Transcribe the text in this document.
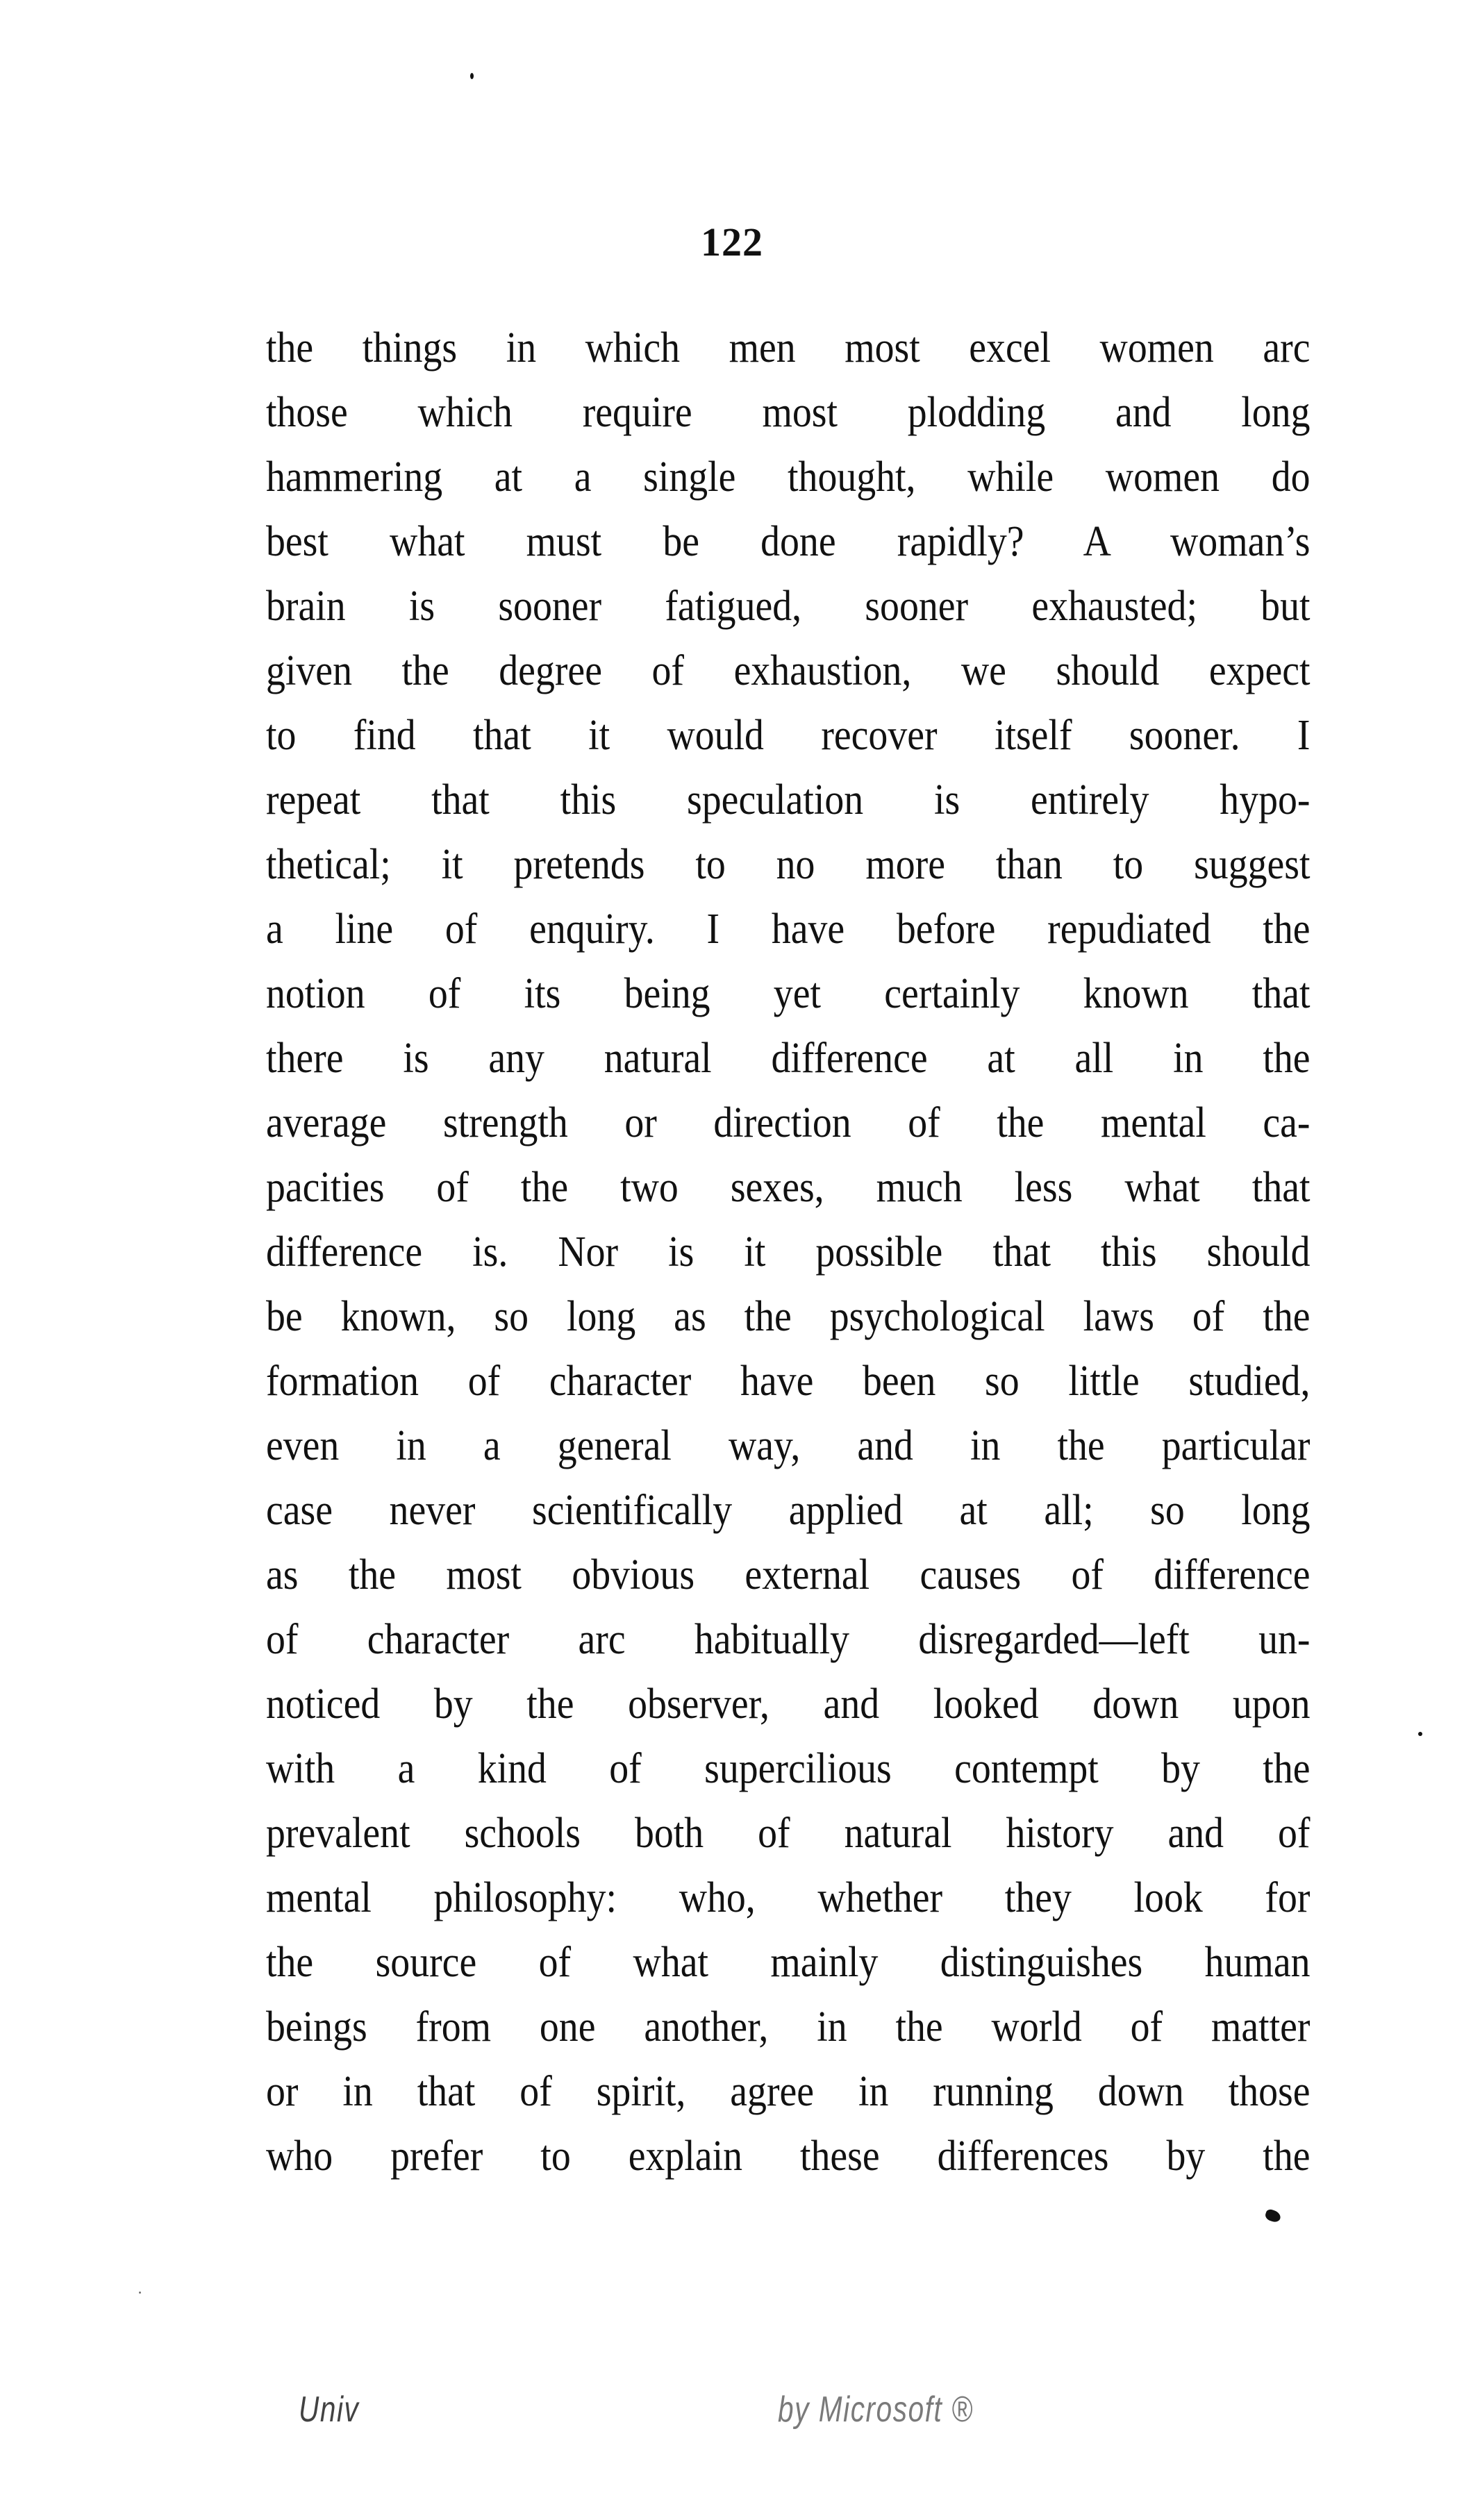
122
the things in which men most excel women arc
those which require most plodding and long
hammering at a single thought, while women do
best what must be done rapidly? A woman’s
brain is sooner fatigued, sooner exhausted; but
given the degree of exhaustion, we should expect
to find that it would recover itself sooner. I
repeat that this speculation is entirely hypo-
thetical; it pretends to no more than to suggest
a line of enquiry. I have before repudiated the
notion of its being yet certainly known that
there is any natural difference at all in the
average strength or direction of the mental ca-
pacities of the two sexes, much less what that
difference is. Nor is it possible that this should
be known, so long as the psychological laws of the
formation of character have been so little studied,
even in a general way, and in the particular
case never scientifically applied at all; so long
as the most obvious external causes of difference
of character arc habitually disregarded—left un-
noticed by the observer, and looked down upon
with a kind of supercilious contempt by the
prevalent schools both of natural history and of
mental philosophy: who, whether they look for
the source of what mainly distinguishes human
beings from one another, in the world of matter
or in that of spirit, agree in running down those
who prefer to explain these differences by the
Univ	by Microsoft ®
